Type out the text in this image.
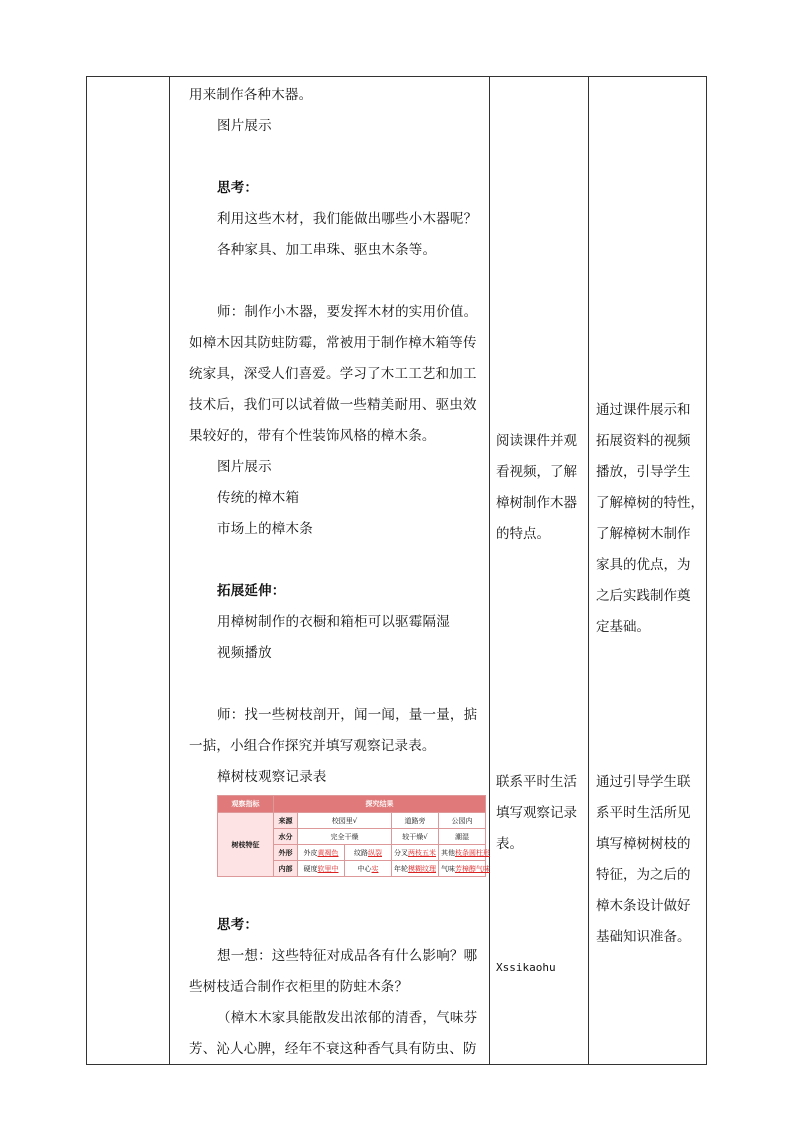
用来制作各种木器。
图片展示
思考：
利用这些木材，我们能做出哪些小木器呢？
各种家具、加工串珠、驱虫木条等。
师：制作小木器，要发挥木材的实用价值。
如樟木因其防蛀防霉，常被用于制作樟木箱等传
统家具，深受人们喜爱。学习了木工工艺和加工
技术后，我们可以试着做一些精美耐用、驱虫效
果较好的，带有个性装饰风格的樟木条。
图片展示
传统的樟木箱
市场上的樟木条
拓展延伸：
用樟树制作的衣橱和箱柜可以驱霉隔湿
视频播放
师：找一些树枝剖开，闻一闻，量一量，掂
一掂，小组合作探究并填写观察记录表。
樟树枝观察记录表
观察指标	探究结果				
树枝特征	来源	校园里√		道路旁	公园内
	水分	完全干燥		较干燥√	潮湿
	外形	外皮黄褐色	纹路纵裂	分叉两枝五米	其他枝条圆柱形
	内部	硬度软里中	中心实	年轮模糊纹理	气味芳樟醇气味
思考：
想一想：这些特征对成品各有什么影响？哪
些树枝适合制作衣柜里的防蛀木条？
（樟木木家具能散发出浓郁的清香，气味芬
芳、沁人心脾，经年不衰这种香气具有防虫、防
阅读课件并观
看视频，了解
樟树制作木器
的特点。
联系平时生活
填写观察记录
表。
Xssikaohu
通过课件展示和
拓展资料的视频
播放，引导学生
了解樟树的特性，
了解樟树木制作
家具的优点，为
之后实践制作奠
定基础。
通过引导学生联
系平时生活所见
填写樟树树枝的
特征，为之后的
樟木条设计做好
基础知识准备。
